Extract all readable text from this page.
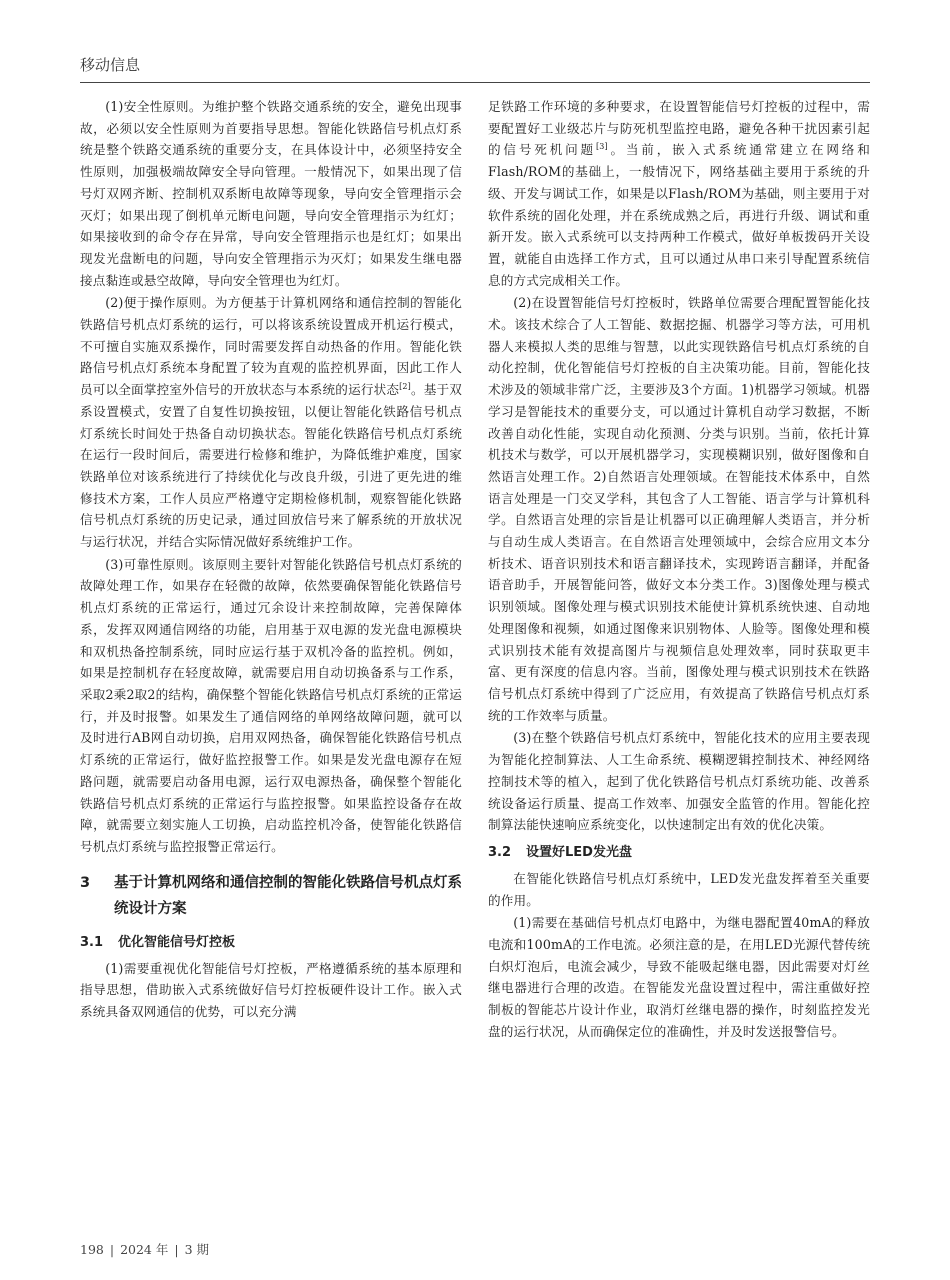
移动信息

(1)安全性原则。为维护整个铁路交通系统的安全，避免出现事故，必须以安全性原则为首要指导思想。智能化铁路信号机点灯系统是整个铁路交通系统的重要分支，在具体设计中，必须坚持安全性原则，加强极端故障安全导向管理。一般情况下，如果出现了信号灯双网齐断、控制机双系断电故障等现象，导向安全管理指示会灭灯；如果出现了倒机单元断电问题，导向安全管理指示为红灯；如果接收到的命令存在异常，导向安全管理指示也是红灯；如果出现发光盘断电的问题，导向安全管理指示为灭灯；如果发生继电器接点黏连或悬空故障，导向安全管理也为红灯。

(2)便于操作原则。为方便基于计算机网络和通信控制的智能化铁路信号机点灯系统的运行，可以将该系统设置成开机运行模式，不可擅自实施双系操作，同时需要发挥自动热备的作用。智能化铁路信号机点灯系统本身配置了较为直观的监控机界面，因此工作人员可以全面掌控室外信号的开放状态与本系统的运行状态[2]。基于双系设置模式，安置了自复性切换按钮，以便让智能化铁路信号机点灯系统长时间处于热备自动切换状态。智能化铁路信号机点灯系统在运行一段时间后，需要进行检修和维护，为降低维护难度，国家铁路单位对该系统进行了持续优化与改良升级，引进了更先进的维修技术方案，工作人员应严格遵守定期检修机制，观察智能化铁路信号机点灯系统的历史记录，通过回放信号来了解系统的开放状况与运行状况，并结合实际情况做好系统维护工作。

(3)可靠性原则。该原则主要针对智能化铁路信号机点灯系统的故障处理工作，如果存在轻微的故障，依然要确保智能化铁路信号机点灯系统的正常运行，通过冗余设计来控制故障，完善保障体系，发挥双网通信网络的功能，启用基于双电源的发光盘电源模块和双机热备控制系统，同时应运行基于双机冷备的监控机。例如，如果是控制机存在轻度故障，就需要启用自动切换备系与工作系，采取2乘2取2的结构，确保整个智能化铁路信号机点灯系统的正常运行，并及时报警。如果发生了通信网络的单网络故障问题，就可以及时进行AB网自动切换，启用双网热备，确保智能化铁路信号机点灯系统的正常运行，做好监控报警工作。如果是发光盘电源存在短路问题，就需要启动备用电源，运行双电源热备，确保整个智能化铁路信号机点灯系统的正常运行与监控报警。如果监控设备存在故障，就需要立刻实施人工切换，启动监控机冷备，使智能化铁路信号机点灯系统与监控报警正常运行。

3	基于计算机网络和通信控制的智能化铁路信号机点灯系统设计方案
3.1 优化智能信号灯控板

(1)需要重视优化智能信号灯控板，严格遵循系统的基本原理和指导思想，借助嵌入式系统做好信号灯控板硬件设计工作。嵌入式系统具备双网通信的优势，可以充分满

足铁路工作环境的多种要求，在设置智能信号灯控板的过程中，需要配置好工业级芯片与防死机型监控电路，避免各种干扰因素引起的信号死机问题[3]。当前，嵌入式系统通常建立在网络和Flash/ROM的基础上，一般情况下，网络基础主要用于系统的升级、开发与调试工作，如果是以Flash/ROM为基础，则主要用于对软件系统的固化处理，并在系统成熟之后，再进行升级、调试和重新开发。嵌入式系统可以支持两种工作模式，做好单板拨码开关设置，就能自由选择工作方式，且可以通过从串口来引导配置系统信息的方式完成相关工作。

(2)在设置智能信号灯控板时，铁路单位需要合理配置智能化技术。该技术综合了人工智能、数据挖掘、机器学习等方法，可用机器人来模拟人类的思维与智慧，以此实现铁路信号机点灯系统的自动化控制，优化智能信号灯控板的自主决策功能。目前，智能化技术涉及的领域非常广泛，主要涉及3个方面。1)机器学习领域。机器学习是智能技术的重要分支，可以通过计算机自动学习数据，不断改善自动化性能，实现自动化预测、分类与识别。当前，依托计算机技术与数学，可以开展机器学习，实现模糊识别，做好图像和自然语言处理工作。2)自然语言处理领域。在智能技术体系中，自然语言处理是一门交叉学科，其包含了人工智能、语言学与计算机科学。自然语言处理的宗旨是让机器可以正确理解人类语言，并分析与自动生成人类语言。在自然语言处理领域中，会综合应用文本分析技术、语音识别技术和语言翻译技术，实现跨语言翻译，并配备语音助手，开展智能问答，做好文本分类工作。3)图像处理与模式识别领域。图像处理与模式识别技术能使计算机系统快速、自动地处理图像和视频，如通过图像来识别物体、人脸等。图像处理和模式识别技术能有效提高图片与视频信息处理效率，同时获取更丰富、更有深度的信息内容。当前，图像处理与模式识别技术在铁路信号机点灯系统中得到了广泛应用，有效提高了铁路信号机点灯系统的工作效率与质量。

(3)在整个铁路信号机点灯系统中，智能化技术的应用主要表现为智能化控制算法、人工生命系统、模糊逻辑控制技术、神经网络控制技术等的植入，起到了优化铁路信号机点灯系统功能、改善系统设备运行质量、提高工作效率、加强安全监管的作用。智能化控制算法能快速响应系统变化，以快速制定出有效的优化决策。

3.2 设置好LED发光盘

在智能化铁路信号机点灯系统中，LED发光盘发挥着至关重要的作用。

(1)需要在基础信号机点灯电路中，为继电器配置40mA的释放电流和100mA的工作电流。必须注意的是，在用LED光源代替传统白炽灯泡后，电流会减少，导致不能吸起继电器，因此需要对灯丝继电器进行合理的改造。在智能发光盘设置过程中，需注重做好控制板的智能芯片设计作业，取消灯丝继电器的操作，时刻监控发光盘的运行状况，从而确保定位的准确性，并及时发送报警信号。

198 | 2024 年 | 3 期
